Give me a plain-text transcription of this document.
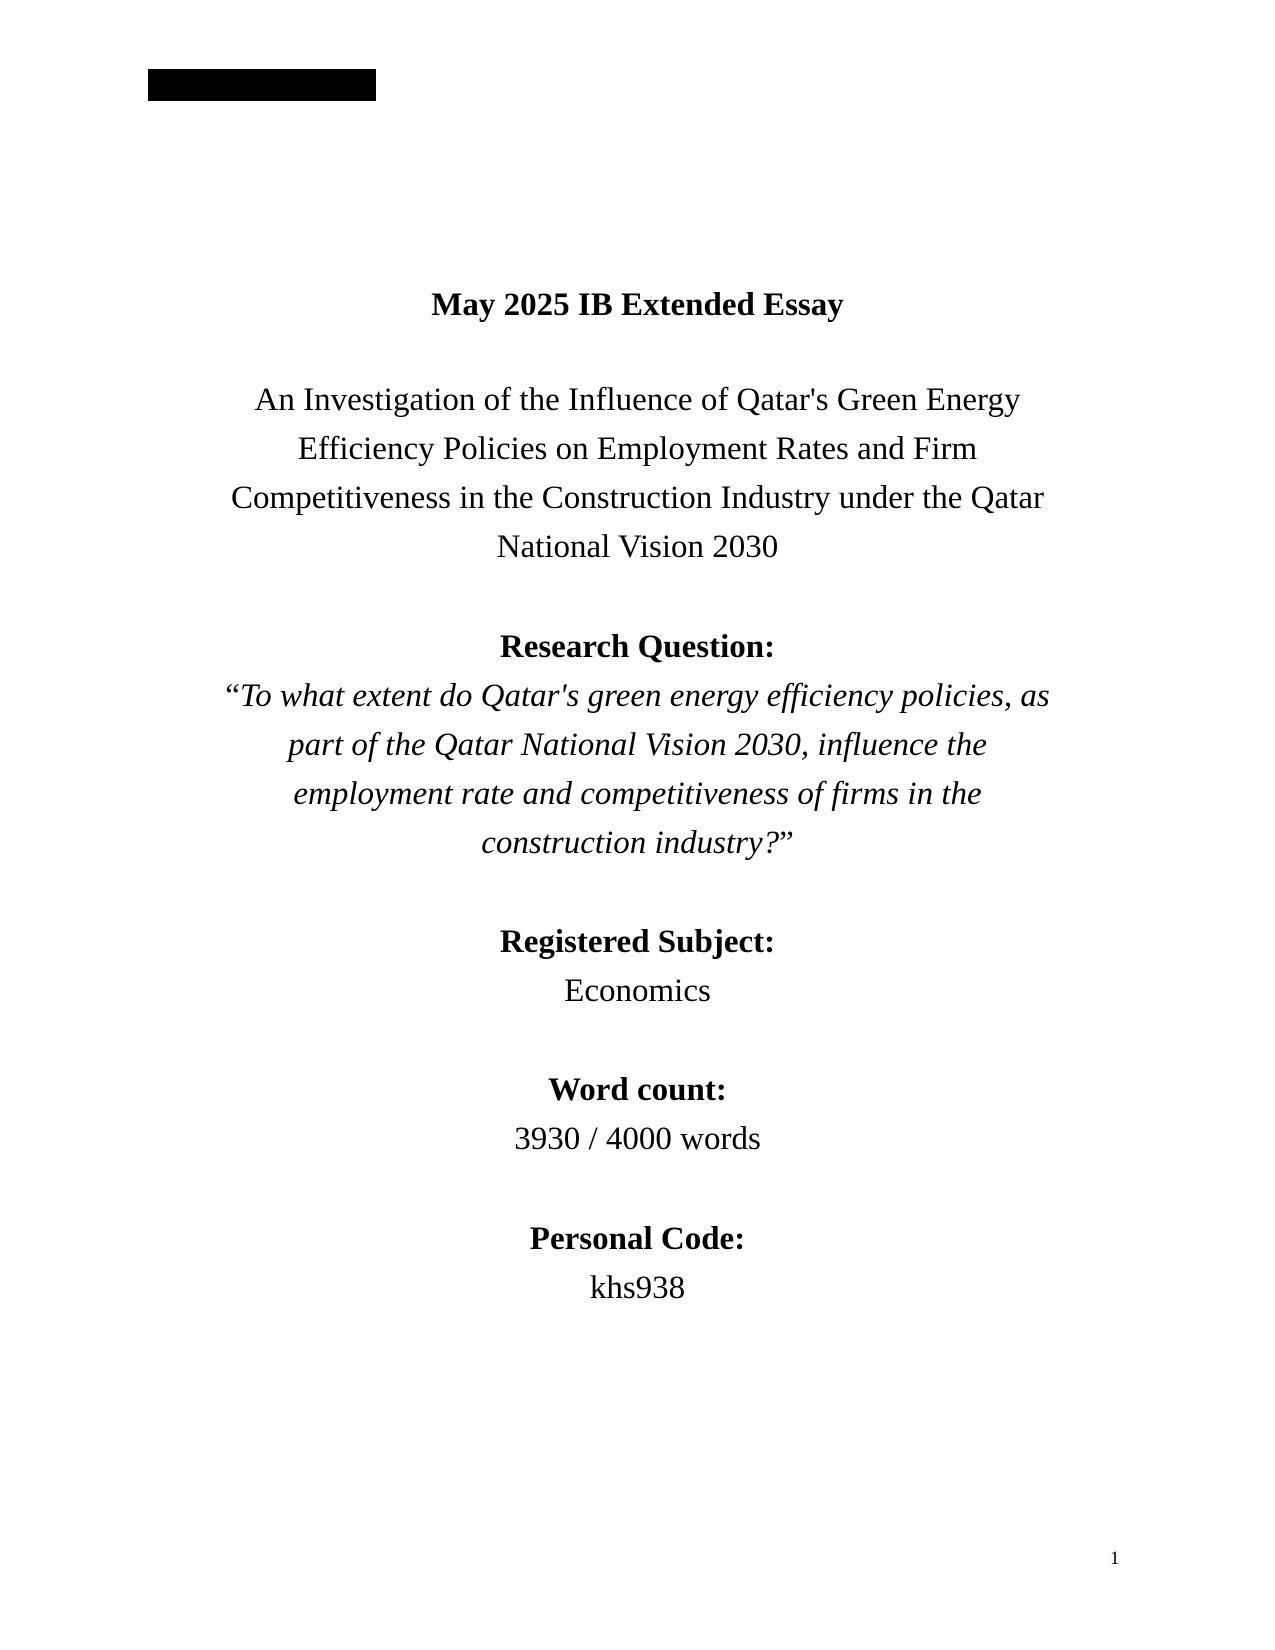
May 2025 IB Extended Essay
An Investigation of the Influence of Qatar's Green Energy
Efficiency Policies on Employment Rates and Firm
Competitiveness in the Construction Industry under the Qatar
National Vision 2030
Research Question:
“To what extent do Qatar's green energy efficiency policies, as
part of the Qatar National Vision 2030, influence the
employment rate and competitiveness of firms in the
construction industry?”
Registered Subject:
Economics
Word count:
3930 / 4000 words
Personal Code:
khs938
1
